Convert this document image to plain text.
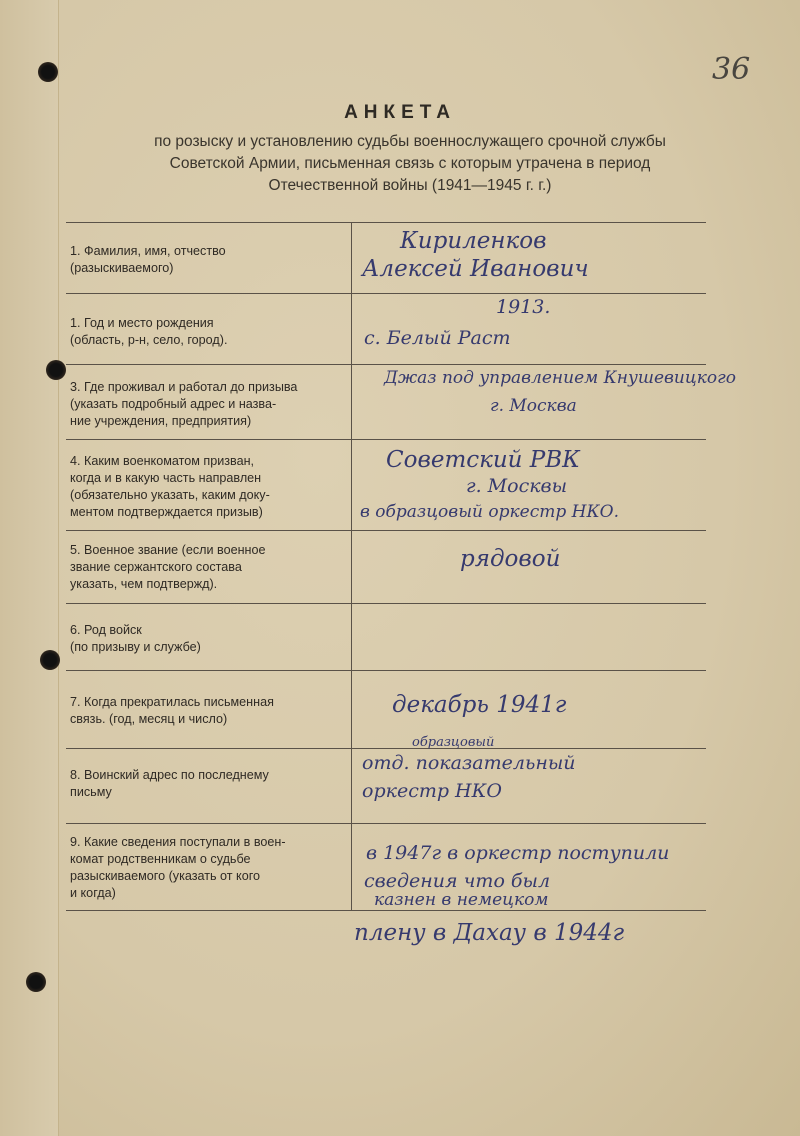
36
АНКЕТА
по розыску и установлению судьбы военнослужащего срочной службы
Советской Армии, письменная связь с которым утрачена в период
Отечественной войны (1941—1945 г. г.)
1. Фамилия, имя, отчество
(разыскиваемого)
Кириленков
Алексей Иванович
1. Год и место рождения
(область, р-н, село, город).
1913.
с. Белый Раст
3. Где проживал и работал до призыва
(указать подробный адрес и назва-
ние учреждения, предприятия)
Джаз под управлением Кнушевицкого
г. Москва
4. Каким военкоматом призван,
когда и в какую часть направлен
(обязательно указать, каким доку-
ментом подтверждается призыв)
Советский РВК
г. Москвы
в образцовый оркестр НКО.
5. Военное звание (если военное
звание сержантского состава
указать, чем подтвержд).
рядовой
6. Род войск
(по призыву и службе)
7. Когда прекратилась письменная
связь. (год, месяц и число)
декабрь 1941г
8. Воинский адрес по последнему
письму
образцовый
отд. показательный
оркестр НКО
9. Какие сведения поступали в воен-
комат родственникам о судьбе
разыскиваемого (указать от кого
и когда)
в 1947г в оркестр поступили
сведения что был
казнен в немецком
плену в Дахау в 1944г
